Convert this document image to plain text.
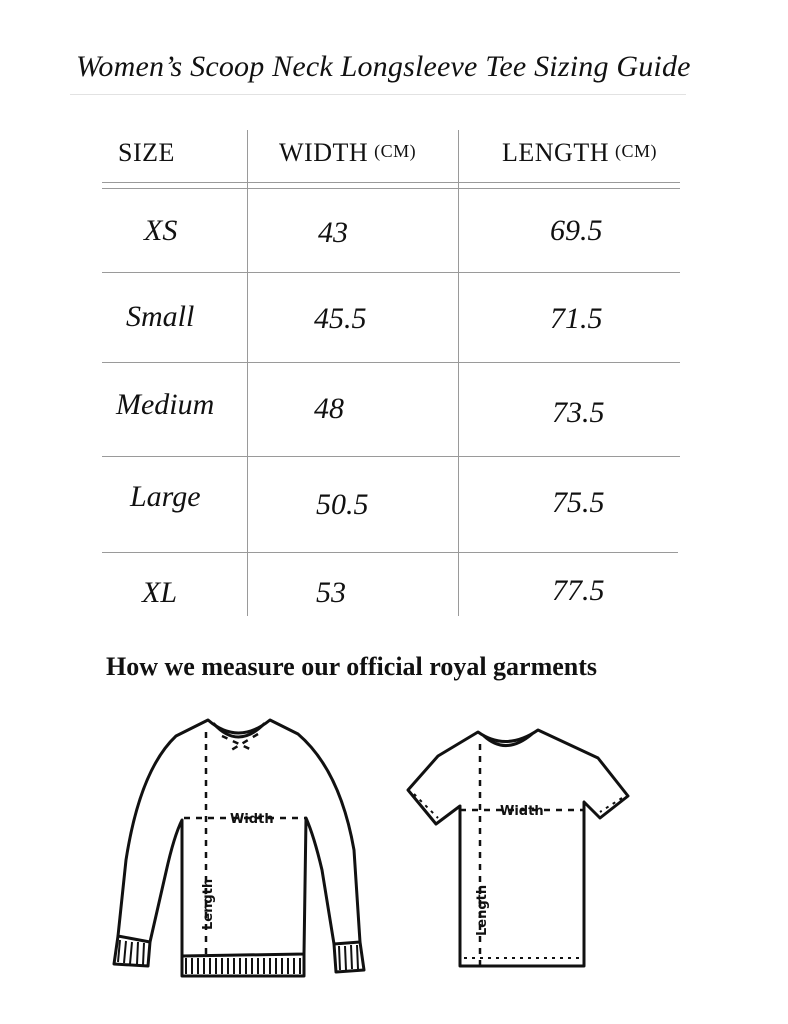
Women’s Scoop Neck Longsleeve Tee Sizing Guide
SIZE	WIDTH (CM)	LENGTH (CM)
XS	43	69.5
Small	45.5	71.5
Medium	48	73.5
Large	50.5	75.5
XL	53	77.5
How we measure our official royal garments
Width
Length
Width
Length
